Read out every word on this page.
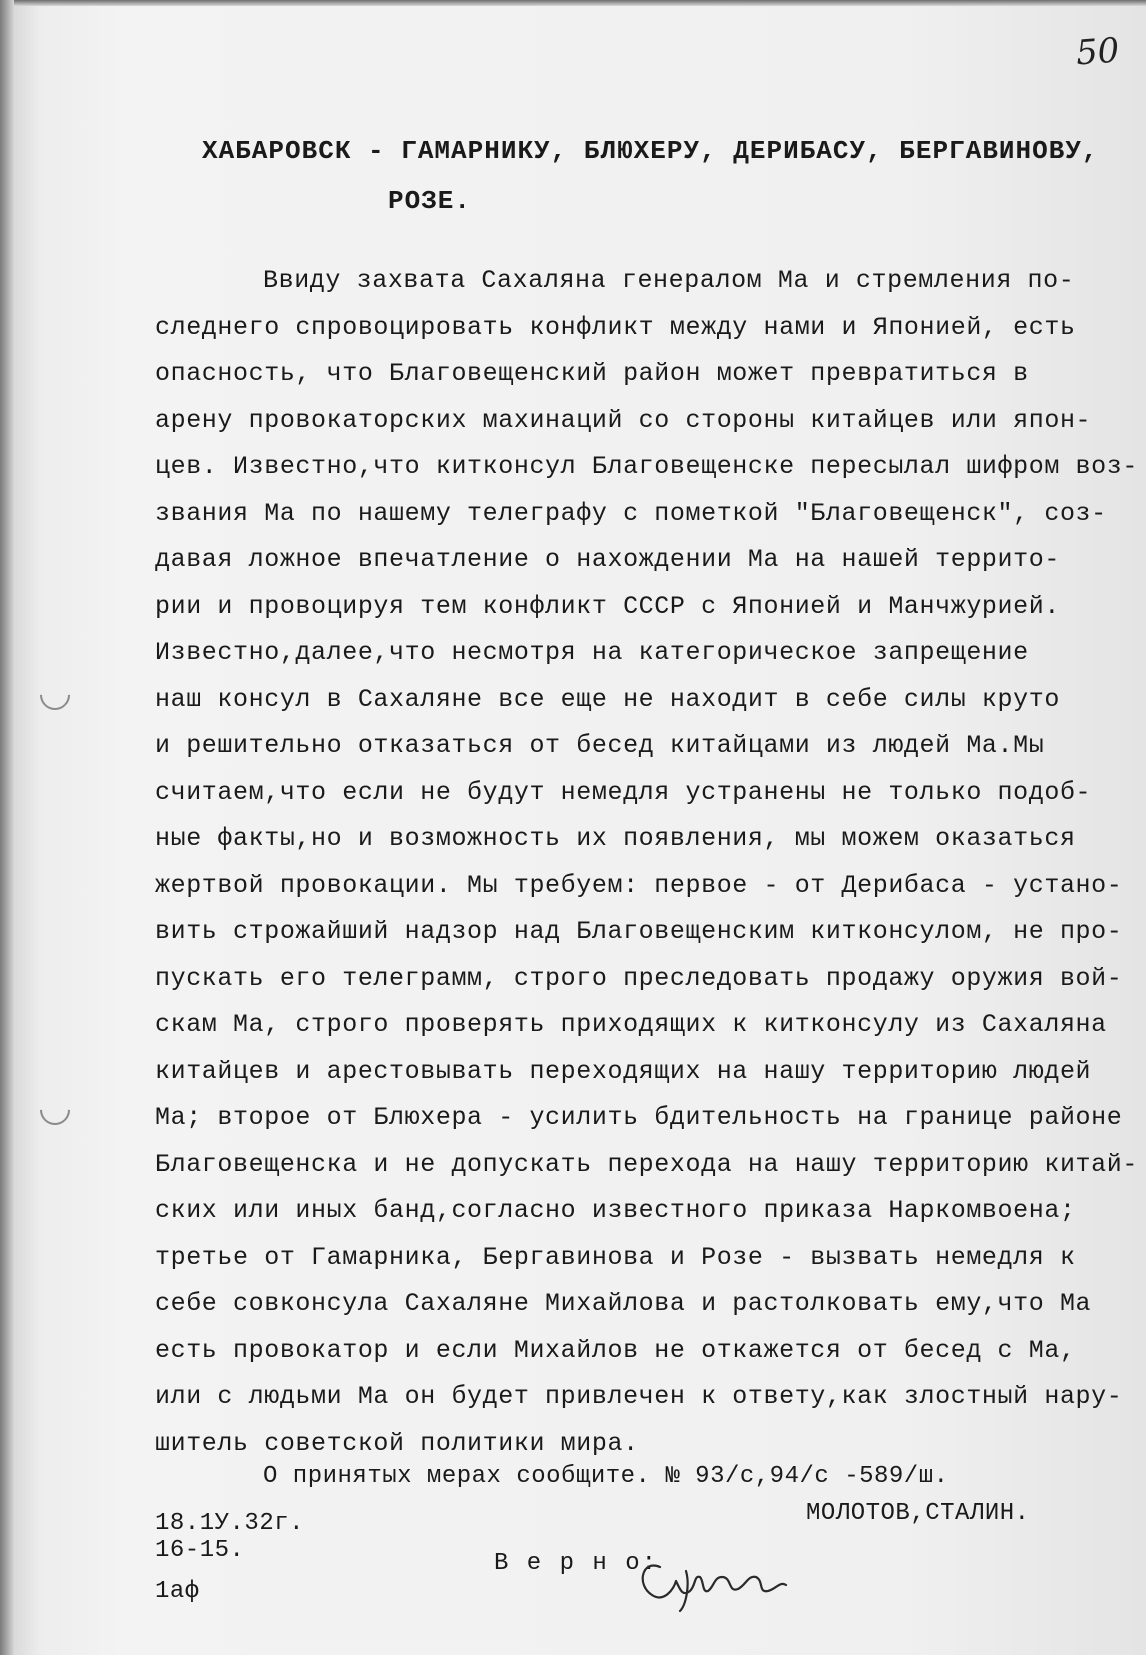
50
ХАБАРОВСК - ГАМАРНИКУ, БЛЮХЕРУ, ДЕРИБАСУ, БЕРГАВИНОВУ,
РОЗЕ.
Ввиду захвата Сахаляна генералом Ма и стремления по-
следнего спровоцировать конфликт между нами и Японией, есть
опасность, что Благовещенский район может превратиться в
арену провокаторских махинаций со стороны китайцев или япон-
цев. Известно,что китконсул Благовещенске пересылал шифром воз-
звания Ма по нашему телеграфу с пометкой "Благовещенск", соз-
давая ложное впечатление о нахождении Ма на нашей террито-
рии и провоцируя тем конфликт СССР с Японией и Манчжурией.
Известно,далее,что несмотря на категорическое запрещение
наш консул в Сахаляне все еще не находит в себе силы круто
и решительно отказаться от бесед китайцами из людей Ма.Мы
считаем,что если не будут немедля устранены не только подоб-
ные факты,но и возможность их появления, мы можем оказаться
жертвой провокации. Мы требуем: первое - от Дерибаса - устано-
вить строжайший надзор над Благовещенским китконсулом, не про-
пускать его телеграмм, строго преследовать продажу оружия вой-
скам Ма, строго проверять приходящих к китконсулу из Сахаляна
китайцев и арестовывать переходящих на нашу территорию людей
Ма; второе от Блюхера - усилить бдительность на границе районе
Благовещенска и не допускать перехода на нашу территорию китай-
ских или иных банд,согласно известного приказа Наркомвоена;
третье от Гамарника, Бергавинова и Розе - вызвать немедля к
себе совконсула Сахаляне Михайлова и растолковать ему,что Ма
есть провокатор и если Михайлов не откажется от бесед с Ма,
или с людьми Ма он будет привлечен к ответу,как злостный нару-
шитель советской политики мира.
О принятых мерах сообщите. № 93/с,94/с -589/ш.
МОЛОТОВ,СТАЛИН.
18.1У.32г.
16-15.
1аф
В е р н о:
